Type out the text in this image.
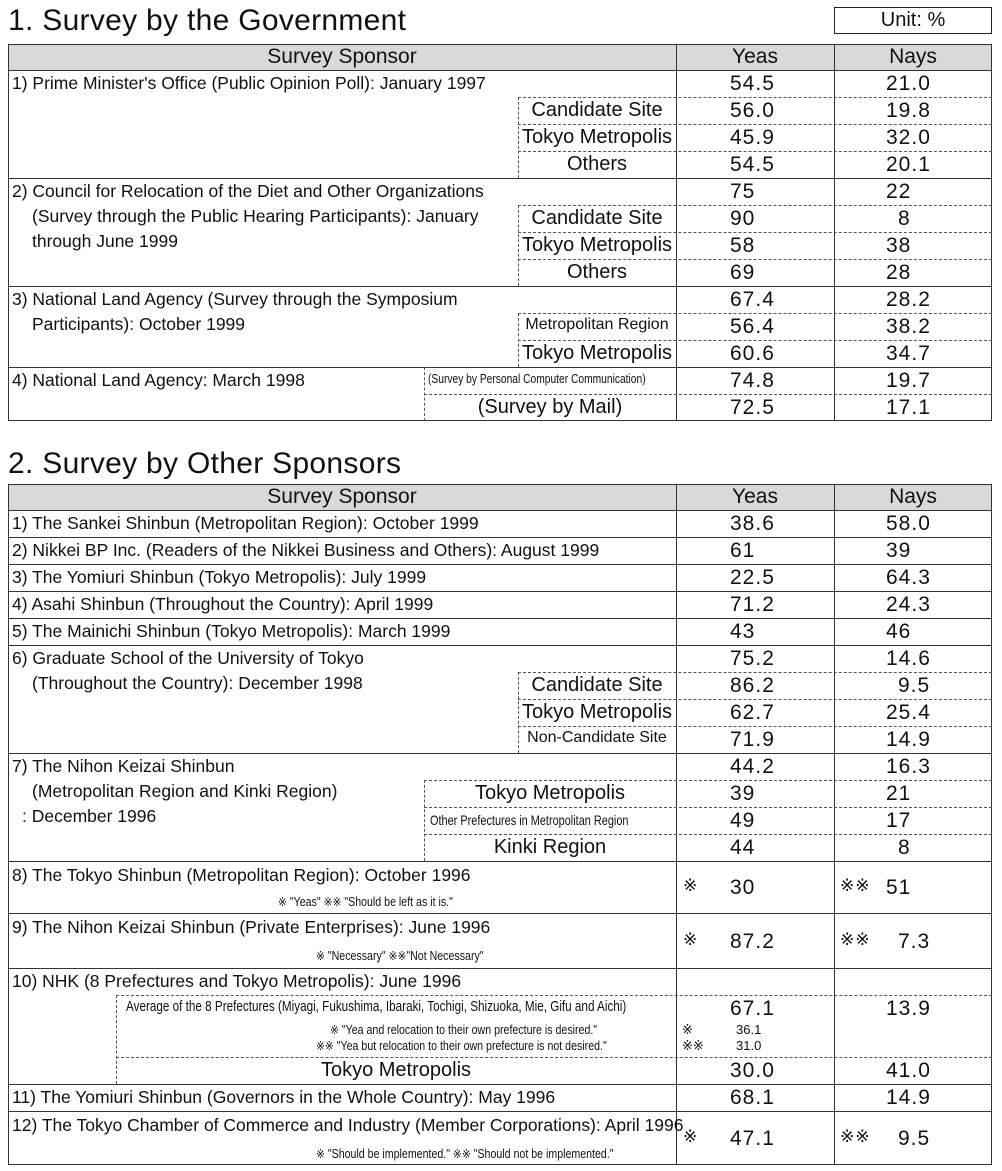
1. Survey by the Government	Unit: %
Survey Sponsor	Yeas	Nays
1) Prime Minister's Office (Public Opinion Poll): January 1997	54.5	21.0
Candidate Site	56.0	19.8
Tokyo Metropolis	45.9	32.0
Others	54.5	20.1
2) Council for Relocation of the Diet and Other Organizations
(Survey through the Public Hearing Participants): January
through June 1999
75	22
Candidate Site	90	8
Tokyo Metropolis	58	38
Others	69	28
3) National Land Agency (Survey through the Symposium
Participants): October 1999
67.4	28.2
Metropolitan Region	56.4	38.2
Tokyo Metropolis	60.6	34.7
4) National Land Agency: March 1998	(Survey by Personal Computer Communication)	74.8	19.7
(Survey by Mail)	72.5	17.1
2. Survey by Other Sponsors
Survey Sponsor	Yeas	Nays
1) The Sankei Shinbun (Metropolitan Region): October 1999	38.6	58.0
2) Nikkei BP Inc. (Readers of the Nikkei Business and Others): August 1999	61	39
3) The Yomiuri Shinbun (Tokyo Metropolis): July 1999	22.5	64.3
4) Asahi Shinbun (Throughout the Country): April 1999	71.2	24.3
5) The Mainichi Shinbun (Tokyo Metropolis): March 1999	43	46
6) Graduate School of the University of Tokyo
(Throughout the Country): December 1998
75.2	14.6
Candidate Site	86.2	9.5
Tokyo Metropolis	62.7	25.4
Non-Candidate Site	71.9	14.9
7) The Nihon Keizai Shinbun
(Metropolitan Region and Kinki Region)
: December 1996
44.2	16.3
Tokyo Metropolis	39	21
Other Prefectures in Metropolitan Region	49	17
Kinki Region	44	8
8) The Tokyo Shinbun (Metropolitan Region): October 1996
※ "Yeas" ※※ "Should be left as it is."
※ 30	※※ 51
9) The Nihon Keizai Shinbun (Private Enterprises): June 1996
※ "Necessary" ※※"Not Necessary"
※ 87.2	※※ 7.3
10) NHK (8 Prefectures and Tokyo Metropolis): June 1996
Average of the 8 Prefectures (Miyagi, Fukushima, Ibaraki, Tochigi, Shizuoka, Mie, Gifu and Aichi)	67.1	13.9
※ "Yea and relocation to their own prefecture is desired."
※※ "Yea but relocation to their own prefecture is not desired."
※	36.1
※※ 31.0
Tokyo Metropolis	30.0	41.0
11) The Yomiuri Shinbun (Governors in the Whole Country): May 1996	68.1	14.9
12) The Tokyo Chamber of Commerce and Industry (Member Corporations): April 1996
※ "Should be implemented." ※※ "Should not be implemented."
※ 47.1	※※ 9.5
